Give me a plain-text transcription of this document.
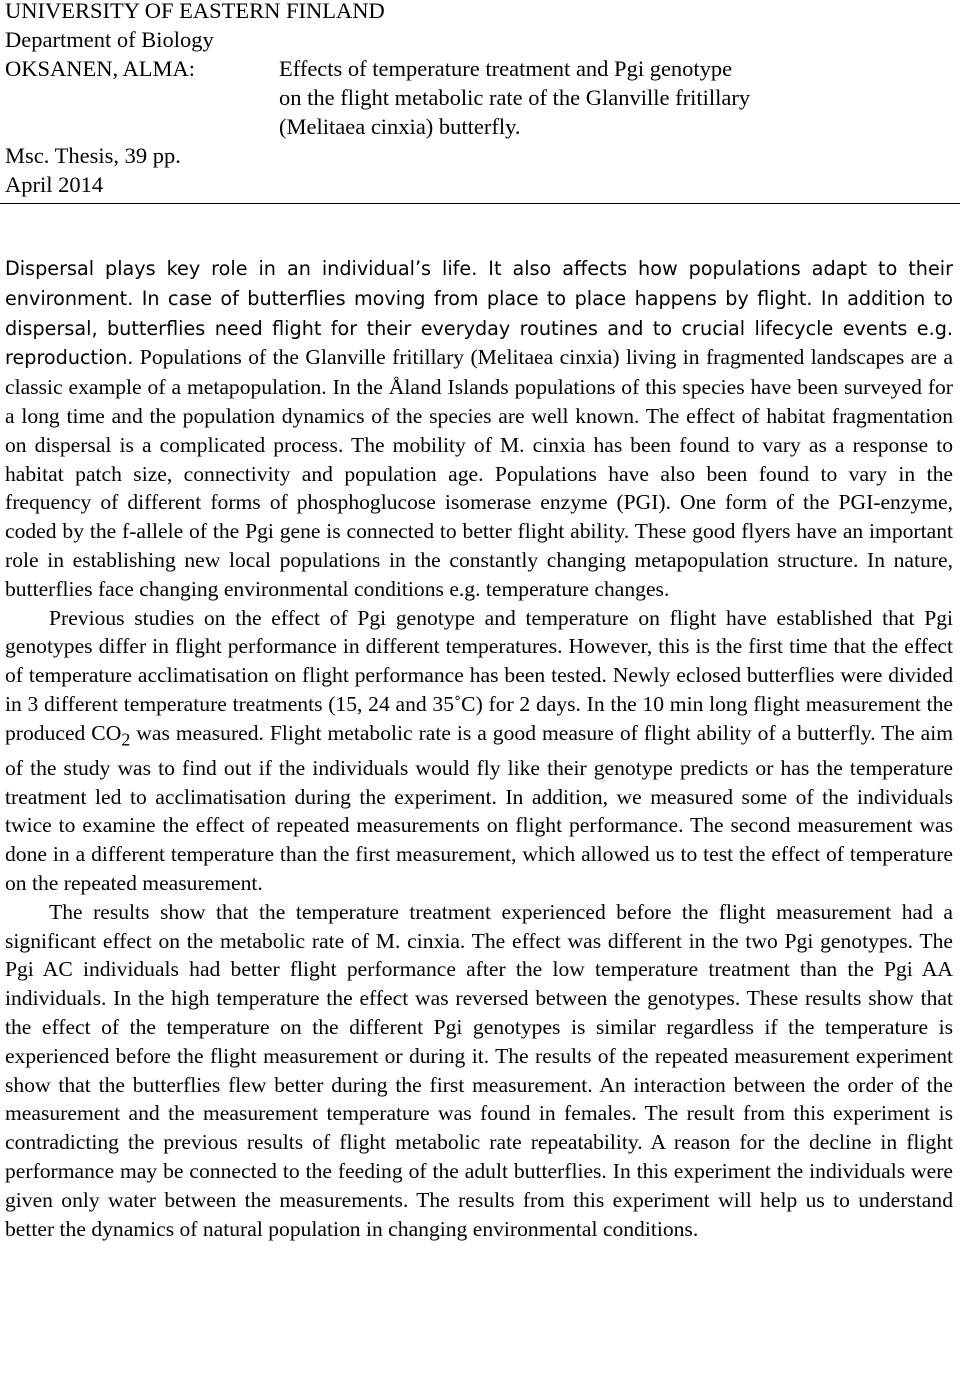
UNIVERSITY OF EASTERN FINLAND
Department of Biology
OKSANEN, ALMA:
Msc. Thesis, 39 pp.
April 2014
Effects of temperature treatment and Pgi genotype
on the flight metabolic rate of the Glanville fritillary
(Melitaea cinxia) butterfly.

Dispersal plays key role in an individual’s life. It also affects how populations adapt to their environment. In case of butterflies moving from place to place happens by flight. In addition to dispersal, butterflies need flight for their everyday routines and to crucial lifecycle events e.g. reproduction. Populations of the Glanville fritillary (Melitaea cinxia) living in fragmented landscapes are a classic example of a metapopulation. In the Åland Islands populations of this species have been surveyed for a long time and the population dynamics of the species are well known. The effect of habitat fragmentation on dispersal is a complicated process. The mobility of M. cinxia has been found to vary as a response to habitat patch size, connectivity and population age. Populations have also been found to vary in the frequency of different forms of phosphoglucose isomerase enzyme (PGI). One form of the PGI-enzyme, coded by the f-allele of the Pgi gene is connected to better flight ability. These good flyers have an important role in establishing new local populations in the constantly changing metapopulation structure. In nature, butterflies face changing environmental conditions e.g. temperature changes.

Previous studies on the effect of Pgi genotype and temperature on flight have established that Pgi genotypes differ in flight performance in different temperatures. However, this is the first time that the effect of temperature acclimatisation on flight performance has been tested. Newly eclosed butterflies were divided in 3 different temperature treatments (15, 24 and 35˚C) for 2 days. In the 10 min long flight measurement the produced $CO_2$ was measured. Flight metabolic rate is a good measure of flight ability of a butterfly. The aim of the study was to find out if the individuals would fly like their genotype predicts or has the temperature treatment led to acclimatisation during the experiment. In addition, we measured some of the individuals twice to examine the effect of repeated measurements on flight performance. The second measurement was done in a different temperature than the first measurement, which allowed us to test the effect of temperature on the repeated measurement.

The results show that the temperature treatment experienced before the flight measurement had a significant effect on the metabolic rate of M. cinxia. The effect was different in the two Pgi genotypes. The Pgi AC individuals had better flight performance after the low temperature treatment than the Pgi AA individuals. In the high temperature the effect was reversed between the genotypes. These results show that the effect of the temperature on the different Pgi genotypes is similar regardless if the temperature is experienced before the flight measurement or during it. The results of the repeated measurement experiment show that the butterflies flew better during the first measurement. An interaction between the order of the measurement and the measurement temperature was found in females. The result from this experiment is contradicting the previous results of flight metabolic rate repeatability. A reason for the decline in flight performance may be connected to the feeding of the adult butterflies. In this experiment the individuals were given only water between the measurements. The results from this experiment will help us to understand better the dynamics of natural population in changing environmental conditions.
